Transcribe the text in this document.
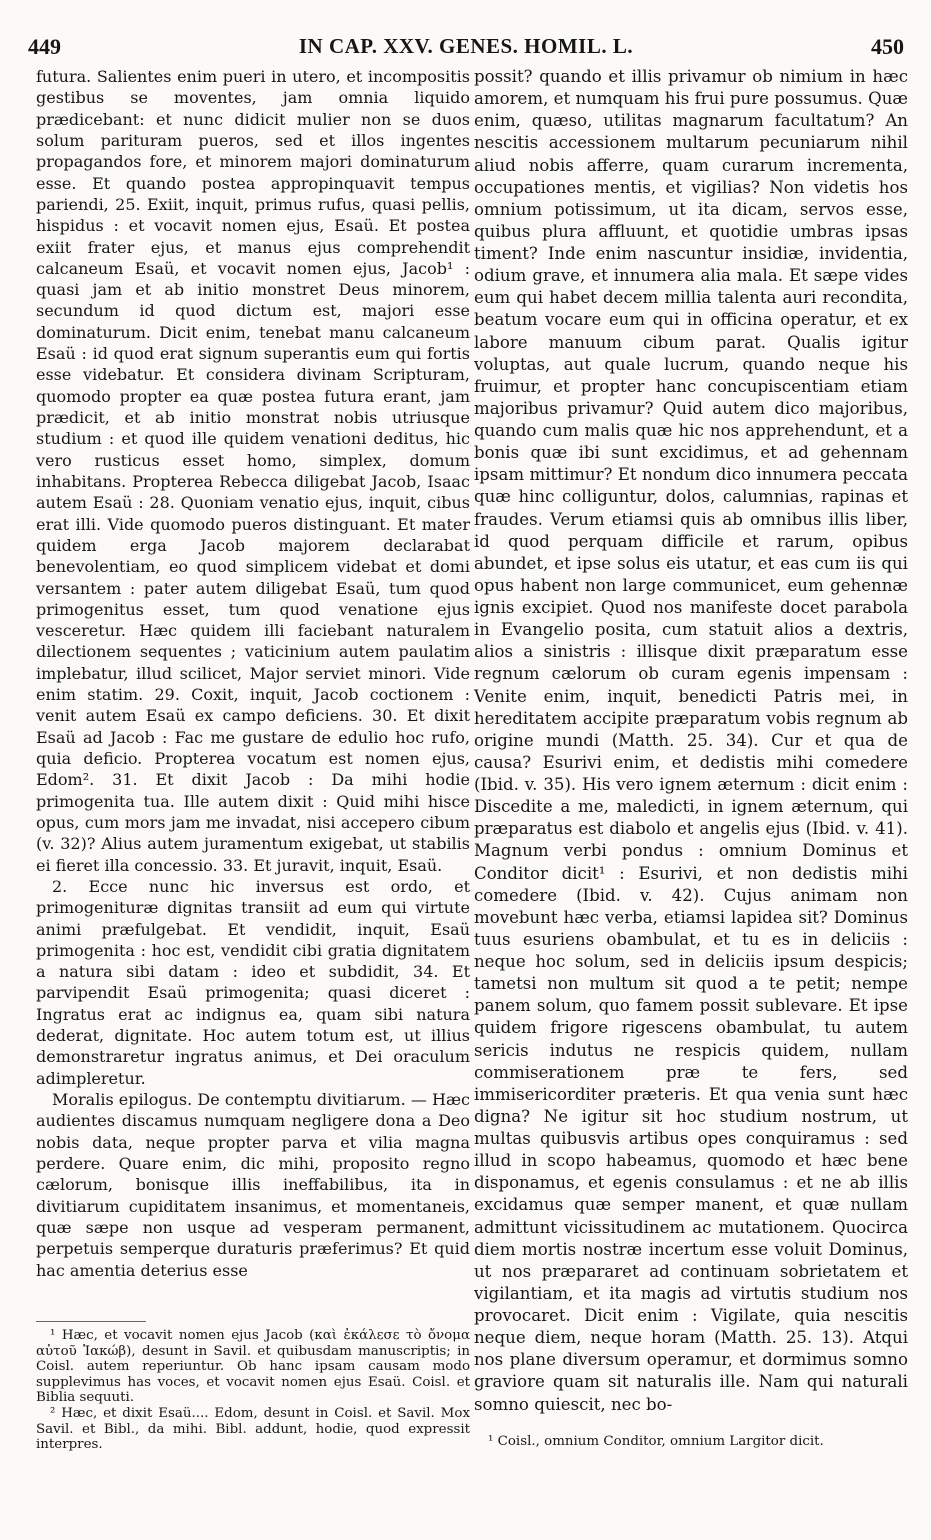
449	IN CAP. XXV. GENES. HOMIL. L.	450

futura. Salientes enim pueri in utero, et incompositis gestibus se moventes, jam omnia liquido prædicebant: et nunc didicit mulier non se duos solum parituram pueros, sed et illos ingentes propagandos fore, et minorem majori dominaturum esse. Et quando postea appropinquavit tempus pariendi, 25. Exiit, inquit, primus rufus, quasi pellis, hispidus : et vocavit nomen ejus, Esaü. Et postea exiit frater ejus, et manus ejus comprehendit calcaneum Esaü, et vocavit nomen ejus, Jacob¹ : quasi jam et ab initio monstret Deus minorem, secundum id quod dictum est, majori esse dominaturum. Dicit enim, tenebat manu calcaneum Esaü : id quod erat signum superantis eum qui fortis esse videbatur. Et considera divinam Scripturam, quomodo propter ea quæ postea futura erant, jam prædicit, et ab initio monstrat nobis utriusque studium : et quod ille quidem venationi deditus, hic vero rusticus esset homo, simplex, domum inhabitans. Propterea Rebecca diligebat Jacob, Isaac autem Esaü : 28. Quoniam venatio ejus, inquit, cibus erat illi. Vide quomodo pueros distinguant. Et mater quidem erga Jacob majorem declarabat benevolentiam, eo quod simplicem videbat et domi versantem : pater autem diligebat Esaü, tum quod primogenitus esset, tum quod venatione ejus vesceretur. Hæc quidem illi faciebant naturalem dilectionem sequentes ; vaticinium autem paulatim implebatur, illud scilicet, Major serviet minori. Vide enim statim. 29. Coxit, inquit, Jacob coctionem : venit autem Esaü ex campo deficiens. 30. Et dixit Esaü ad Jacob : Fac me gustare de edulio hoc rufo, quia deficio. Propterea vocatum est nomen ejus, Edom². 31. Et dixit Jacob : Da mihi hodie primogenita tua. Ille autem dixit : Quid mihi hisce opus, cum mors jam me invadat, nisi accepero cibum (v. 32)? Alius autem juramentum exigebat, ut stabilis ei fieret illa concessio. 33. Et juravit, inquit, Esaü.

2. Ecce nunc hic inversus est ordo, et primogenituræ dignitas transiit ad eum qui virtute animi præfulgebat. Et vendidit, inquit, Esaü primogenita : hoc est, vendidit cibi gratia dignitatem a natura sibi datam : ideo et subdidit, 34. Et parvipendit Esaü primogenita; quasi diceret : Ingratus erat ac indignus ea, quam sibi natura dederat, dignitate. Hoc autem totum est, ut illius demonstraretur ingratus animus, et Dei oraculum adimpleretur.

Moralis epilogus. De contemptu divitiarum. — Hæc audientes discamus numquam negligere dona a Deo nobis data, neque propter parva et vilia magna perdere. Quare enim, dic mihi, proposito regno cælorum, bonisque illis ineffabilibus, ita in divitiarum cupiditatem insanimus, et momentaneis, quæ sæpe non usque ad vesperam permanent, perpetuis semperque duraturis præferimus? Et quid hac amentia deterius esse

¹ Hæc, et vocavit nomen ejus Jacob (καὶ ἐκάλεσε τὸ ὄνομα αὐτοῦ Ἰακώβ), desunt in Savil. et quibusdam manuscriptis; in Coisl. autem reperiuntur. Ob hanc ipsam causam modo supplevimus has voces, et vocavit nomen ejus Esaü. Coisl. et Biblia sequuti.

² Hæc, et dixit Esaü.... Edom, desunt in Coisl. et Savil. Mox Savil. et Bibl., da mihi. Bibl. addunt, hodie, quod expressit interpres.

possit? quando et illis privamur ob nimium in hæc amorem, et numquam his frui pure possumus. Quæ enim, quæso, utilitas magnarum facultatum? An nescitis accessionem multarum pecuniarum nihil aliud nobis afferre, quam curarum incrementa, occupationes mentis, et vigilias? Non videtis hos omnium potissimum, ut ita dicam, servos esse, quibus plura affluunt, et quotidie umbras ipsas timent? Inde enim nascuntur insidiæ, invidentia, odium grave, et innumera alia mala. Et sæpe vides eum qui habet decem millia talenta auri recondita, beatum vocare eum qui in officina operatur, et ex labore manuum cibum parat. Qualis igitur voluptas, aut quale lucrum, quando neque his fruimur, et propter hanc concupiscentiam etiam majoribus privamur? Quid autem dico majoribus, quando cum malis quæ hic nos apprehendunt, et a bonis quæ ibi sunt excidimus, et ad gehennam ipsam mittimur? Et nondum dico innumera peccata quæ hinc colliguntur, dolos, calumnias, rapinas et fraudes. Verum etiamsi quis ab omnibus illis liber, id quod perquam difficile et rarum, opibus abundet, et ipse solus eis utatur, et eas cum iis qui opus habent non large communicet, eum gehennæ ignis excipiet. Quod nos manifeste docet parabola in Evangelio posita, cum statuit alios a dextris, alios a sinistris : illisque dixit præparatum esse regnum cælorum ob curam egenis impensam : Venite enim, inquit, benedicti Patris mei, in hereditatem accipite præparatum vobis regnum ab origine mundi (Matth. 25. 34). Cur et qua de causa? Esurivi enim, et dedistis mihi comedere (Ibid. v. 35). His vero ignem æternum : dicit enim : Discedite a me, maledicti, in ignem æternum, qui præparatus est diabolo et angelis ejus (Ibid. v. 41). Magnum verbi pondus : omnium Dominus et Conditor dicit¹ : Esurivi, et non dedistis mihi comedere (Ibid. v. 42). Cujus animam non movebunt hæc verba, etiamsi lapidea sit? Dominus tuus esuriens obambulat, et tu es in deliciis : neque hoc solum, sed in deliciis ipsum despicis; tametsi non multum sit quod a te petit; nempe panem solum, quo famem possit sublevare. Et ipse quidem frigore rigescens obambulat, tu autem sericis indutus ne respicis quidem, nullam commiserationem præ te fers, sed immisericorditer præteris. Et qua venia sunt hæc digna? Ne igitur sit hoc studium nostrum, ut multas quibusvis artibus opes conquiramus : sed illud in scopo habeamus, quomodo et hæc bene disponamus, et egenis consulamus : et ne ab illis excidamus quæ semper manent, et quæ nullam admittunt vicissitudinem ac mutationem. Quocirca diem mortis nostræ incertum esse voluit Dominus, ut nos præpararet ad continuam sobrietatem et vigilantiam, et ita magis ad virtutis studium nos provocaret. Dicit enim : Vigilate, quia nescitis neque diem, neque horam (Matth. 25. 13). Atqui nos plane diversum operamur, et dormimus somno graviore quam sit naturalis ille. Nam qui naturali somno quiescit, nec bo-

¹ Coisl., omnium Conditor, omnium Largitor dicit.
